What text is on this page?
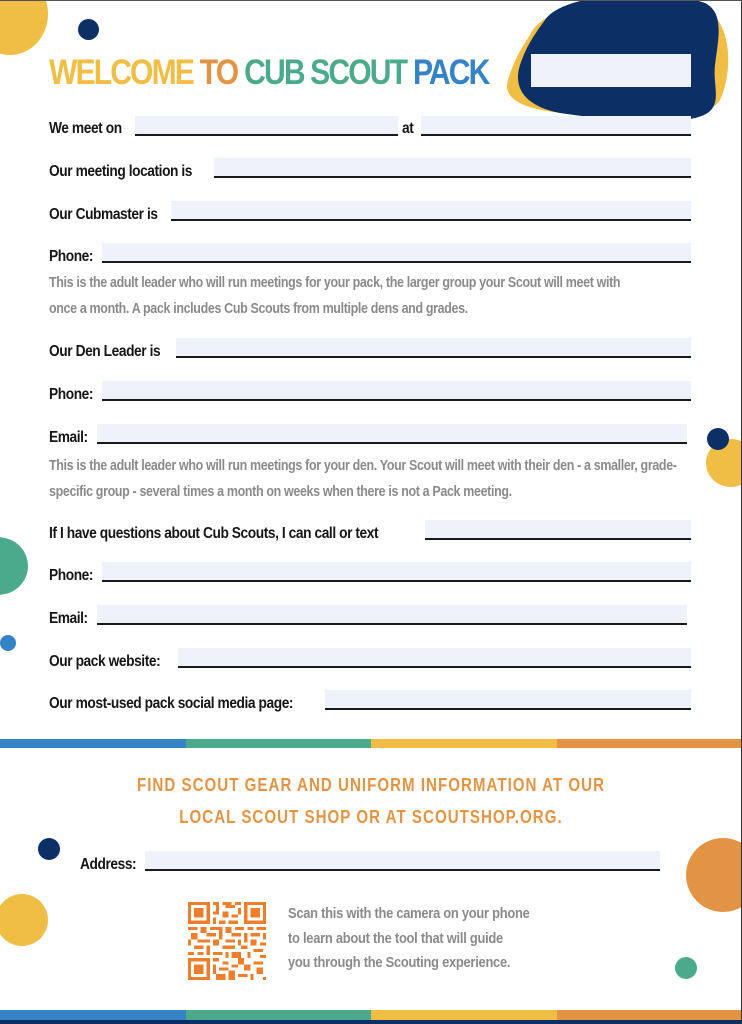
WELCOME TO CUB SCOUT PACK
We meet on	at
Our meeting location is
Our Cubmaster is
Phone:
This is the adult leader who will run meetings for your pack, the larger group your Scout will meet with once a month. A pack includes Cub Scouts from multiple dens and grades.
Our Den Leader is
Phone:
Email:
This is the adult leader who will run meetings for your den. Your Scout will meet with their den - a smaller, grade-specific group - several times a month on weeks when there is not a Pack meeting.
If I have questions about Cub Scouts, I can call or text
Phone:
Email:
Our pack website:
Our most-used pack social media page:
FIND SCOUT GEAR AND UNIFORM INFORMATION AT OUR
LOCAL SCOUT SHOP OR AT SCOUTSHOP.ORG.
Address:
Scan this with the camera on your phone
to learn about the tool that will guide
you through the Scouting experience.
